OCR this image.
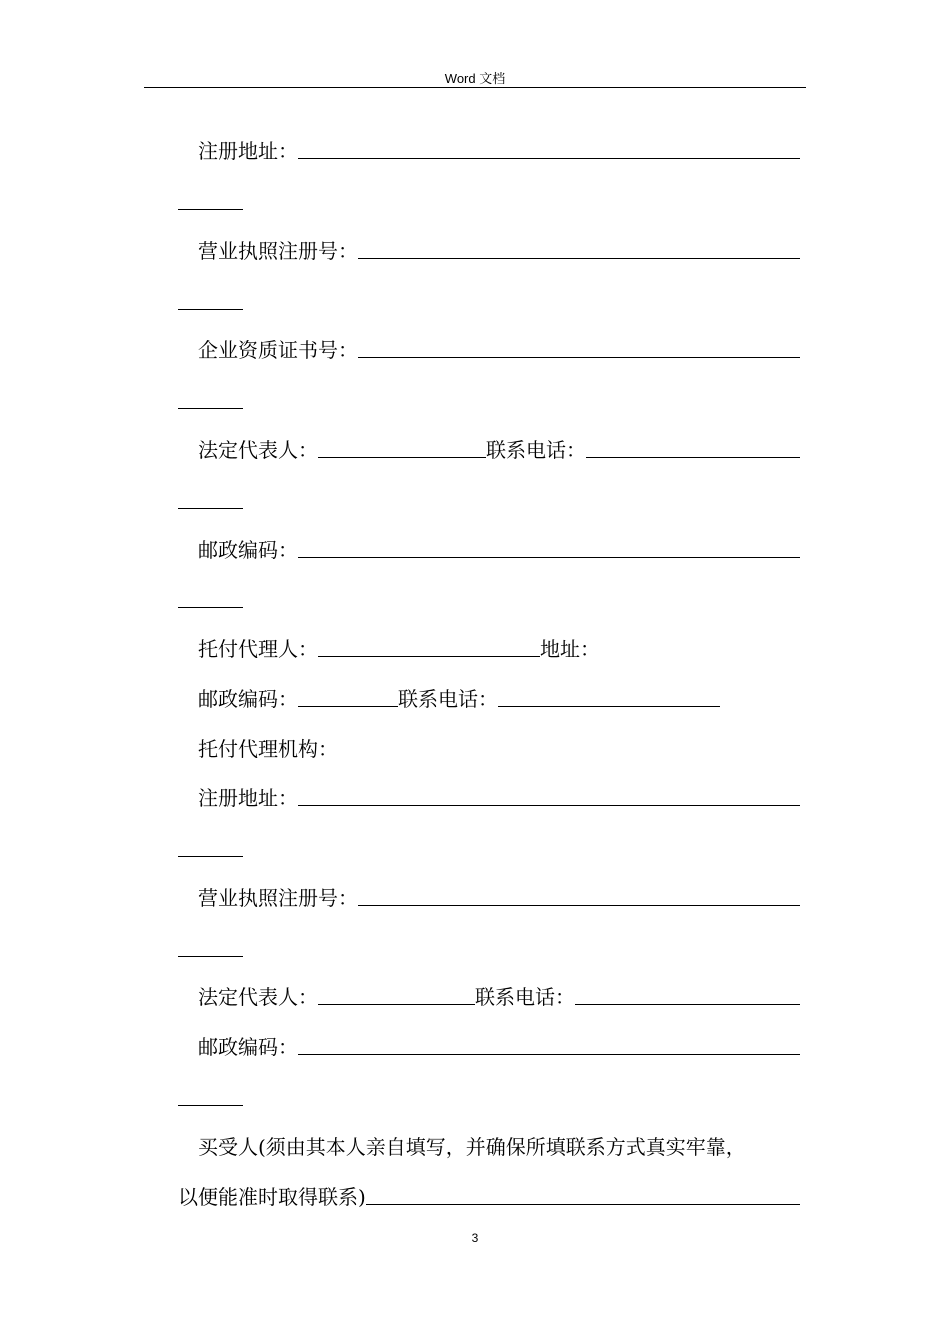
Word 文档
注册地址：
营业执照注册号：
企业资质证书号：
法定代表人：	联系电话：
邮政编码：
托付代理人：	地址：
邮政编码：	联系电话：
托付代理机构：
注册地址：
营业执照注册号：
法定代表人：	联系电话：
邮政编码：
买受人(须由其本人亲自填写，并确保所填联系方式真实牢靠，
以便能准时取得联系)
3
